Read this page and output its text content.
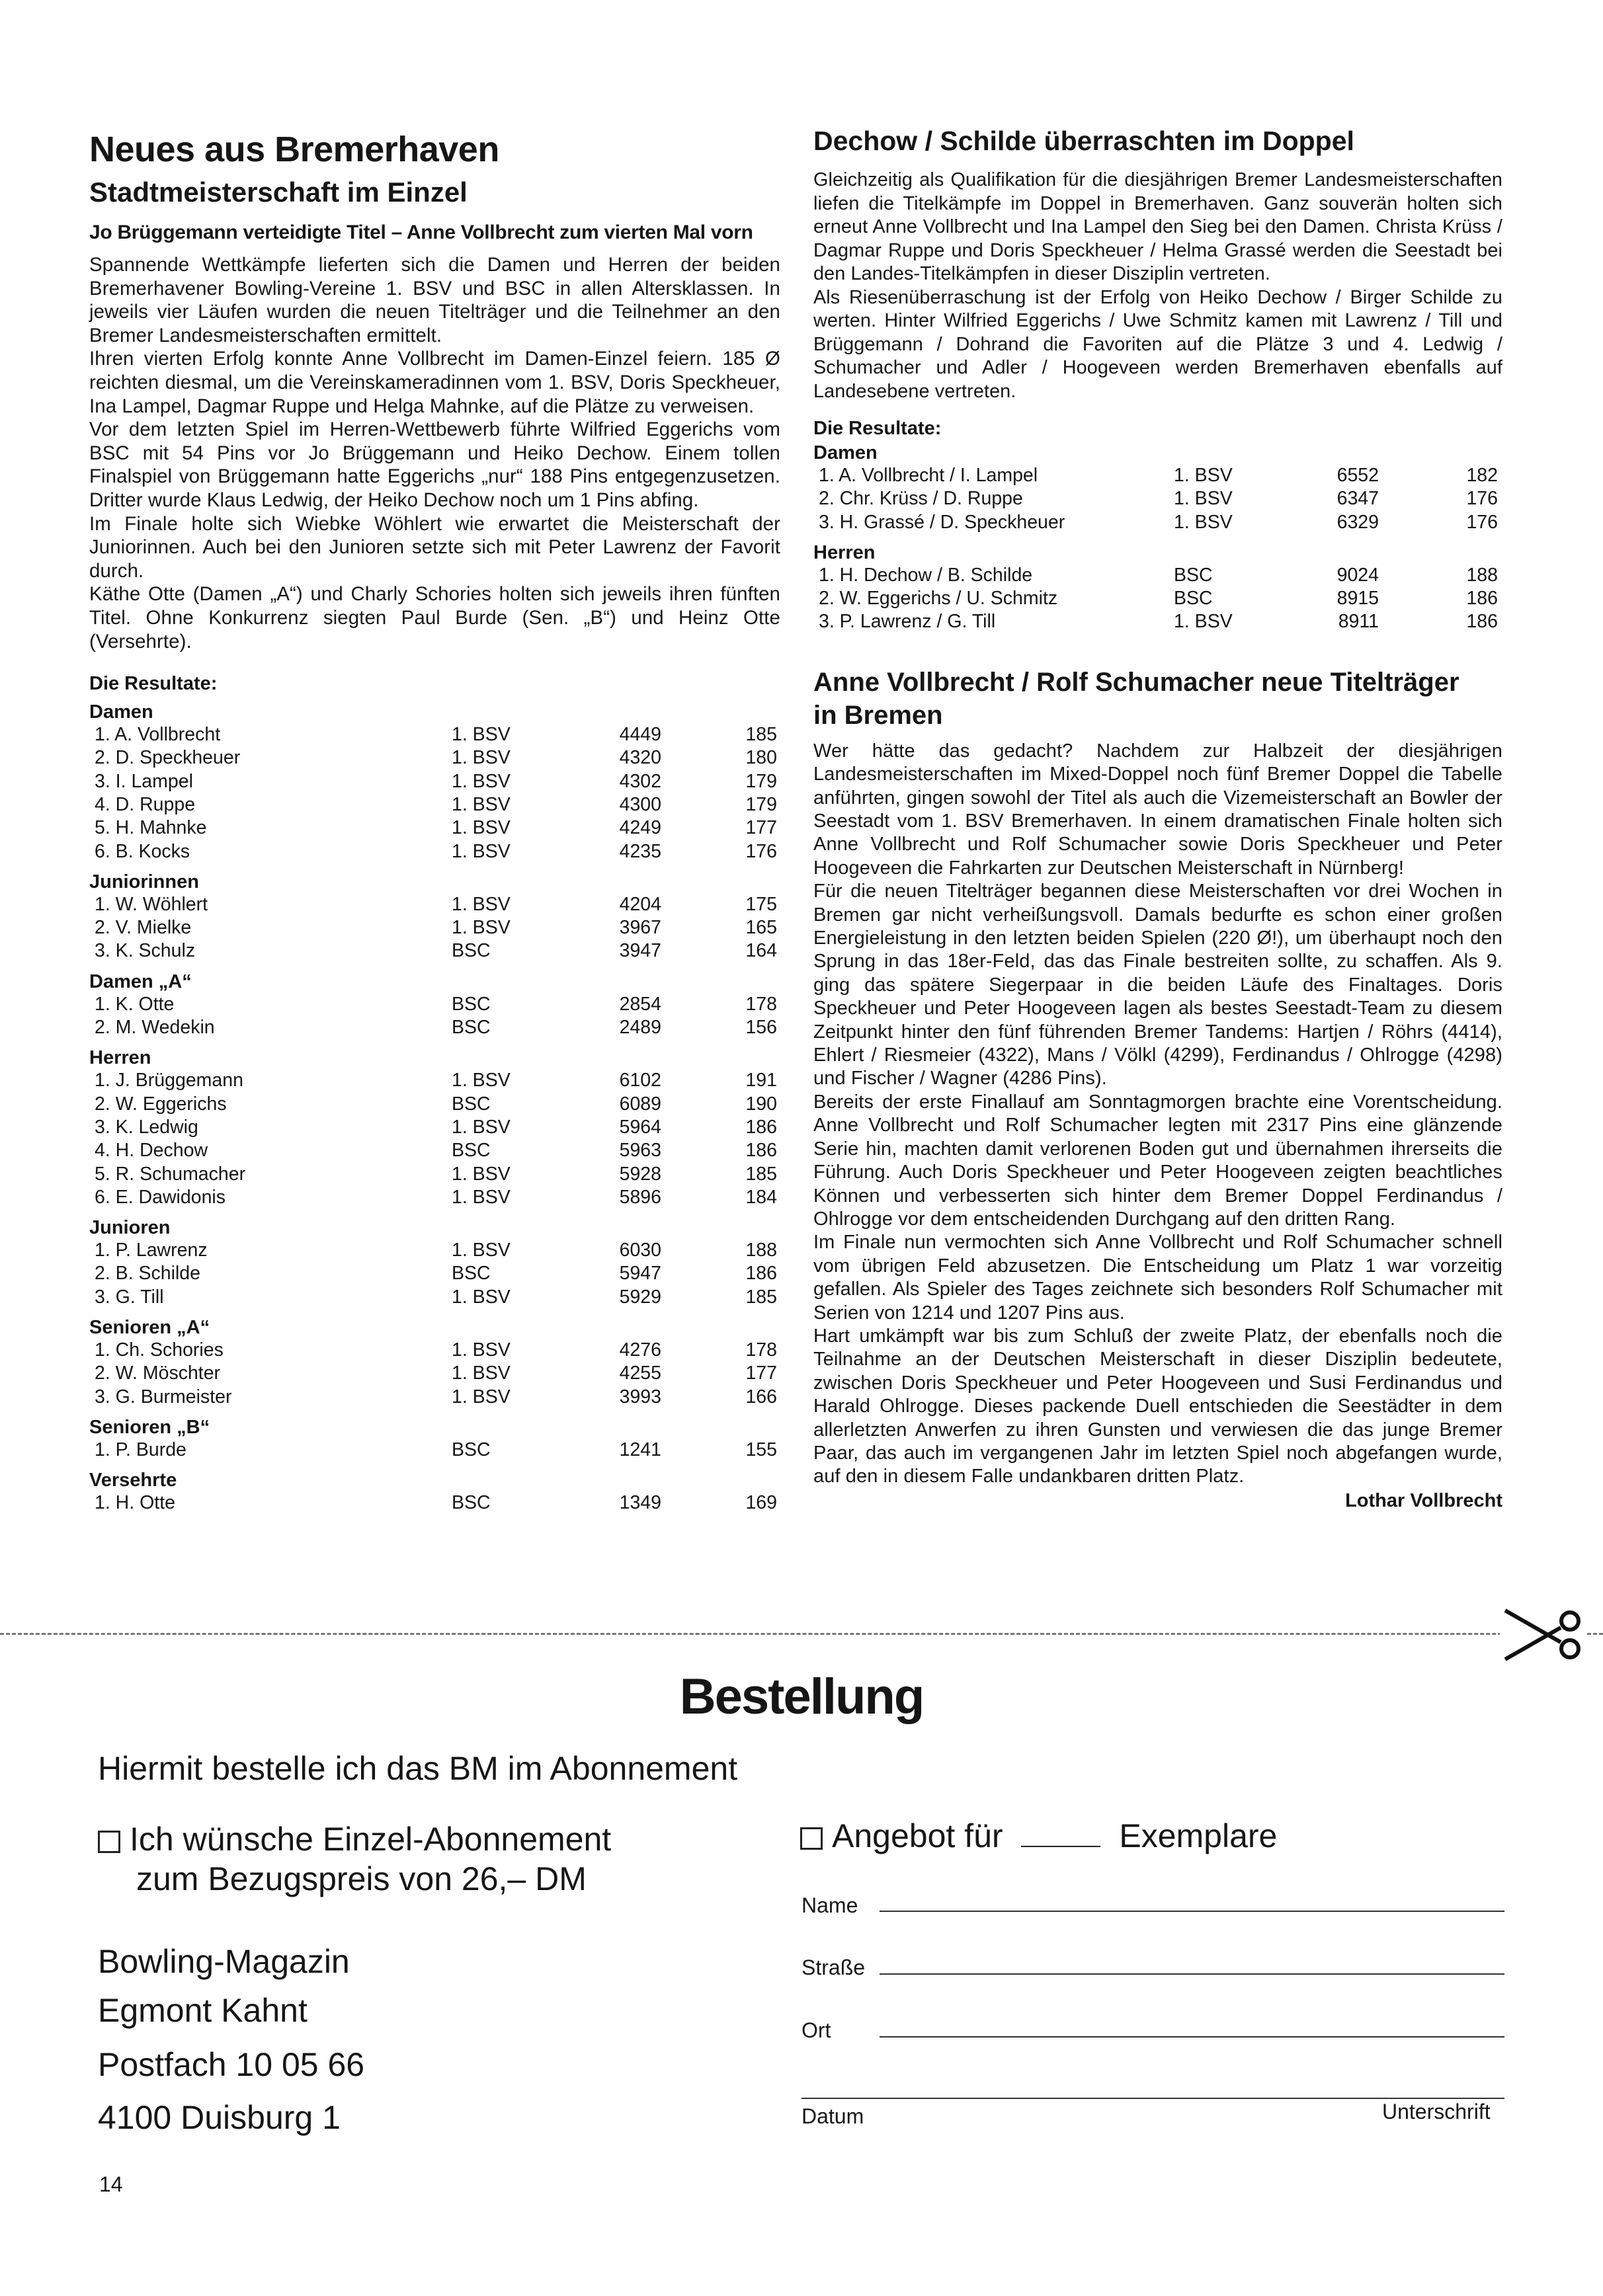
Neues aus Bremerhaven
Stadtmeisterschaft im Einzel
Jo Brüggemann verteidigte Titel – Anne Vollbrecht zum vierten Mal vorn

Spannende Wettkämpfe lieferten sich die Damen und Herren der beiden Bremerhavener Bowling-Vereine 1. BSV und BSC in allen Altersklassen. In jeweils vier Läufen wurden die neuen Titelträger und die Teilnehmer an den Bremer Landesmeisterschaften ermittelt.

Ihren vierten Erfolg konnte Anne Vollbrecht im Damen-Einzel feiern. 185 Ø reichten diesmal, um die Vereinskameradinnen vom 1. BSV, Doris Speckheuer, Ina Lampel, Dagmar Ruppe und Helga Mahnke, auf die Plätze zu verweisen.

Vor dem letzten Spiel im Herren-Wettbewerb führte Wilfried Eggerichs vom BSC mit 54 Pins vor Jo Brüggemann und Heiko Dechow. Einem tollen Finalspiel von Brüggemann hatte Eggerichs „nur“ 188 Pins entgegenzusetzen. Dritter wurde Klaus Ledwig, der Heiko Dechow noch um 1 Pins abfing.

Im Finale holte sich Wiebke Wöhlert wie erwartet die Meisterschaft der Juniorinnen. Auch bei den Junioren setzte sich mit Peter Lawrenz der Favorit durch.

Käthe Otte (Damen „A“) und Charly Schories holten sich jeweils ihren fünften Titel. Ohne Konkurrenz siegten Paul Burde (Sen. „B“) und Heinz Otte (Versehrte).

Die Resultate:
Damen
1. A. Vollbrecht	1. BSV	4449	185
2. D. Speckheuer	1. BSV	4320	180
3. I. Lampel	1. BSV	4302	179
4. D. Ruppe	1. BSV	4300	179
5. H. Mahnke	1. BSV	4249	177
6. B. Kocks	1. BSV	4235	176
Juniorinnen
1. W. Wöhlert	1. BSV	4204	175
2. V. Mielke	1. BSV	3967	165
3. K. Schulz	BSC	3947	164
Damen „A“
1. K. Otte	BSC	2854	178
2. M. Wedekin	BSC	2489	156
Herren
1. J. Brüggemann	1. BSV	6102	191
2. W. Eggerichs	BSC	6089	190
3. K. Ledwig	1. BSV	5964	186
4. H. Dechow	BSC	5963	186
5. R. Schumacher	1. BSV	5928	185
6. E. Dawidonis	1. BSV	5896	184
Junioren
1. P. Lawrenz	1. BSV	6030	188
2. B. Schilde	BSC	5947	186
3. G. Till	1. BSV	5929	185
Senioren „A“
1. Ch. Schories	1. BSV	4276	178
2. W. Möschter	1. BSV	4255	177
3. G. Burmeister	1. BSV	3993	166
Senioren „B“
1. P. Burde	BSC	1241	155
Versehrte
1. H. Otte	BSC	1349	169
Dechow / Schilde überraschten im Doppel

Gleichzeitig als Qualifikation für die diesjährigen Bremer Landesmeisterschaften liefen die Titelkämpfe im Doppel in Bremerhaven. Ganz souverän holten sich erneut Anne Vollbrecht und Ina Lampel den Sieg bei den Damen. Christa Krüss / Dagmar Ruppe und Doris Speckheuer / Helma Grassé werden die Seestadt bei den Landes-Titelkämpfen in dieser Disziplin vertreten.

Als Riesenüberraschung ist der Erfolg von Heiko Dechow / Birger Schilde zu werten. Hinter Wilfried Eggerichs / Uwe Schmitz kamen mit Lawrenz / Till und Brüggemann / Dohrand die Favoriten auf die Plätze 3 und 4. Ledwig / Schumacher und Adler / Hoogeveen werden Bremerhaven ebenfalls auf Landesebene vertreten.

Die Resultate:
Damen
1. A. Vollbrecht / I. Lampel	1. BSV	6552	182
2. Chr. Krüss / D. Ruppe	1. BSV	6347	176
3. H. Grassé / D. Speckheuer	1. BSV	6329	176
Herren
1. H. Dechow / B. Schilde	BSC	9024	188
2. W. Eggerichs / U. Schmitz	BSC	8915	186
3. P. Lawrenz / G. Till	1. BSV	8911	186
Anne Vollbrecht / Rolf Schumacher neue Titelträger
in Bremen

Wer hätte das gedacht? Nachdem zur Halbzeit der diesjährigen Landesmeisterschaften im Mixed-Doppel noch fünf Bremer Doppel die Tabelle anführten, gingen sowohl der Titel als auch die Vizemeisterschaft an Bowler der Seestadt vom 1. BSV Bremerhaven. In einem dramatischen Finale holten sich Anne Vollbrecht und Rolf Schumacher sowie Doris Speckheuer und Peter Hoogeveen die Fahrkarten zur Deutschen Meisterschaft in Nürnberg!

Für die neuen Titelträger begannen diese Meisterschaften vor drei Wochen in Bremen gar nicht verheißungsvoll. Damals bedurfte es schon einer großen Energieleistung in den letzten beiden Spielen (220 Ø!), um überhaupt noch den Sprung in das 18er-Feld, das das Finale bestreiten sollte, zu schaffen. Als 9. ging das spätere Siegerpaar in die beiden Läufe des Finaltages. Doris Speckheuer und Peter Hoogeveen lagen als bestes Seestadt-Team zu diesem Zeitpunkt hinter den fünf führenden Bremer Tandems: Hartjen / Röhrs (4414), Ehlert / Riesmeier (4322), Mans / Völkl (4299), Ferdinandus / Ohlrogge (4298) und Fischer / Wagner (4286 Pins).

Bereits der erste Finallauf am Sonntagmorgen brachte eine Vorentscheidung. Anne Vollbrecht und Rolf Schumacher legten mit 2317 Pins eine glänzende Serie hin, machten damit verlorenen Boden gut und übernahmen ihrerseits die Führung. Auch Doris Speckheuer und Peter Hoogeveen zeigten beachtliches Können und verbesserten sich hinter dem Bremer Doppel Ferdinandus / Ohlrogge vor dem entscheidenden Durchgang auf den dritten Rang.

Im Finale nun vermochten sich Anne Vollbrecht und Rolf Schumacher schnell vom übrigen Feld abzusetzen. Die Entscheidung um Platz 1 war vorzeitig gefallen. Als Spieler des Tages zeichnete sich besonders Rolf Schumacher mit Serien von 1214 und 1207 Pins aus.

Hart umkämpft war bis zum Schluß der zweite Platz, der ebenfalls noch die Teilnahme an der Deutschen Meisterschaft in dieser Disziplin bedeutete, zwischen Doris Speckheuer und Peter Hoogeveen und Susi Ferdinandus und Harald Ohlrogge. Dieses packende Duell entschieden die Seestädter in dem allerletzten Anwerfen zu ihren Gunsten und verwiesen die das junge Bremer Paar, das auch im vergangenen Jahr im letzten Spiel noch abgefangen wurde, auf den in diesem Falle undankbaren dritten Platz.

Lothar Vollbrecht
Bestellung
Hiermit bestelle ich das BM im Abonnement
Ich wünsche Einzel-Abonnement
zum Bezugspreis von 26,– DM
Angebot für	Exemplare
Bowling-Magazin
Egmont Kahnt
Postfach 10 05 66
4100 Duisburg 1
Name
Straße
Ort
Datum	Unterschrift
14
